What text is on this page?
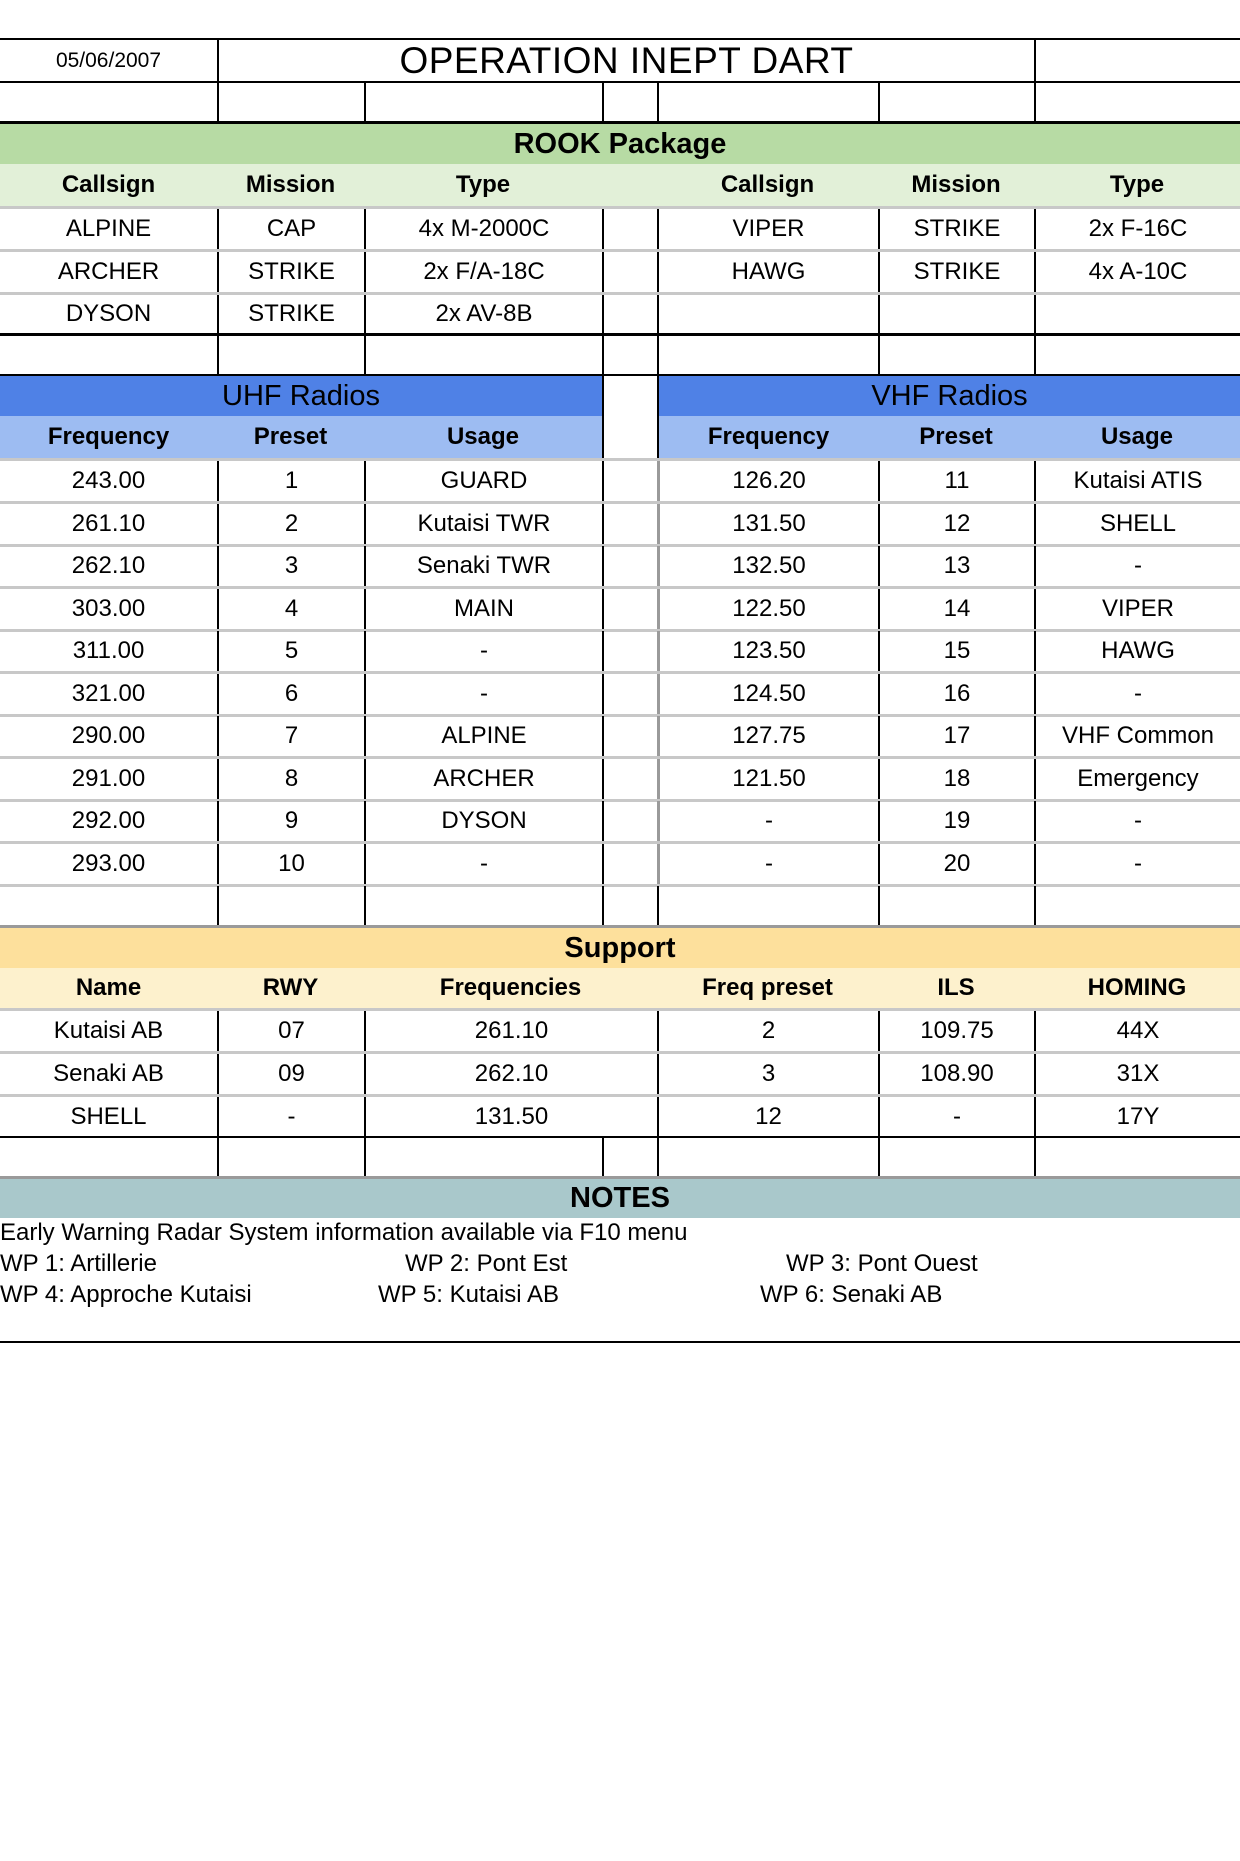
05/06/2007	OPERATION INEPT DART
ROOK Package
Callsign	Mission	Type	Callsign	Mission	Type
ALPINE	CAP	4x M-2000C	VIPER	STRIKE	2x F-16C
ARCHER	STRIKE	2x F/A-18C	HAWG	STRIKE	4x A-10C
DYSON	STRIKE	2x AV-8B
UHF Radios	VHF Radios
Frequency	Preset	Usage	Frequency	Preset	Usage
243.00	1	GUARD	126.20	11	Kutaisi ATIS
261.10	2	Kutaisi TWR	131.50	12	SHELL
262.10	3	Senaki TWR	132.50	13	-
303.00	4	MAIN	122.50	14	VIPER
311.00	5	-	123.50	15	HAWG
321.00	6	-	124.50	16	-
290.00	7	ALPINE	127.75	17	VHF Common
291.00	8	ARCHER	121.50	18	Emergency
292.00	9	DYSON	-	19	-
293.00	10	-	-	20	-
Support
Name	RWY	Frequencies	Freq preset	ILS	HOMING
Kutaisi AB	07	261.10	2	109.75	44X
Senaki AB	09	262.10	3	108.90	31X
SHELL	-	131.50	12	-	17Y
NOTES
Early Warning Radar System information available via F10 menu
WP 1: Artillerie	WP 2: Pont Est	WP 3: Pont Ouest
WP 4: Approche Kutaisi	WP 5: Kutaisi AB	WP 6: Senaki AB
